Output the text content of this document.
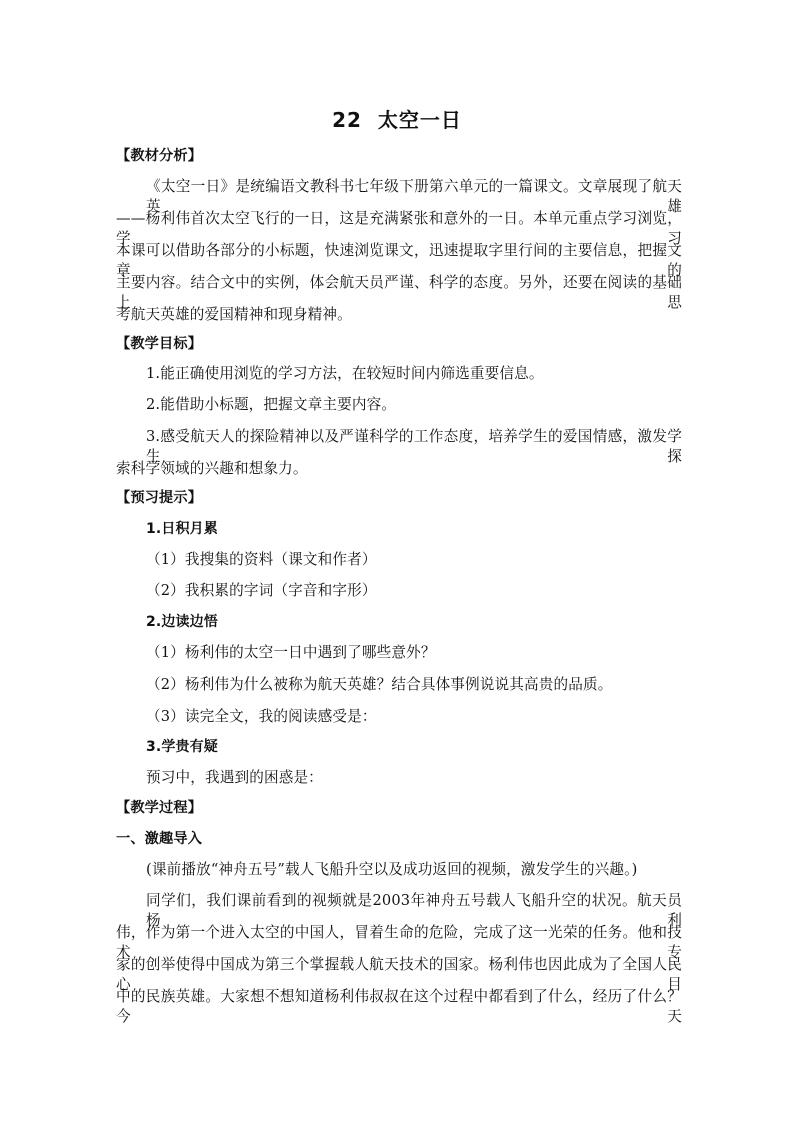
22 太空一日
【教材分析】
《太空一日》是统编语文教科书七年级下册第六单元的一篇课文。文章展现了航天英雄
——杨利伟首次太空飞行的一日，这是充满紧张和意外的一日。本单元重点学习浏览，学习
本课可以借助各部分的小标题，快速浏览课文，迅速提取字里行间的主要信息，把握文章的
主要内容。结合文中的实例，体会航天员严谨、科学的态度。另外，还要在阅读的基础上思
考航天英雄的爱国精神和现身精神。
【教学目标】
1.能正确使用浏览的学习方法，在较短时间内筛选重要信息。
2.能借助小标题，把握文章主要内容。
3.感受航天人的探险精神以及严谨科学的工作态度，培养学生的爱国情感，激发学生探
索科学领域的兴趣和想象力。
【预习提示】
1.日积月累
（1）我搜集的资料（课文和作者）
（2）我积累的字词（字音和字形）
2.边读边悟
（1）杨利伟的太空一日中遇到了哪些意外？
（2）杨利伟为什么被称为航天英雄？结合具体事例说说其高贵的品质。
（3）读完全文，我的阅读感受是：
3.学贵有疑
预习中，我遇到的困惑是：
【教学过程】
一、激趣导入
(课前播放“神舟五号”载人飞船升空以及成功返回的视频，激发学生的兴趣。)
同学们，我们课前看到的视频就是2003年神舟五号载人飞船升空的状况。航天员杨利
伟，作为第一个进入太空的中国人，冒着生命的危险，完成了这一光荣的任务。他和技术专
家的创举使得中国成为第三个掌握载人航天技术的国家。杨利伟也因此成为了全国人民心目
中的民族英雄。大家想不想知道杨利伟叔叔在这个过程中都看到了什么，经历了什么？今天
